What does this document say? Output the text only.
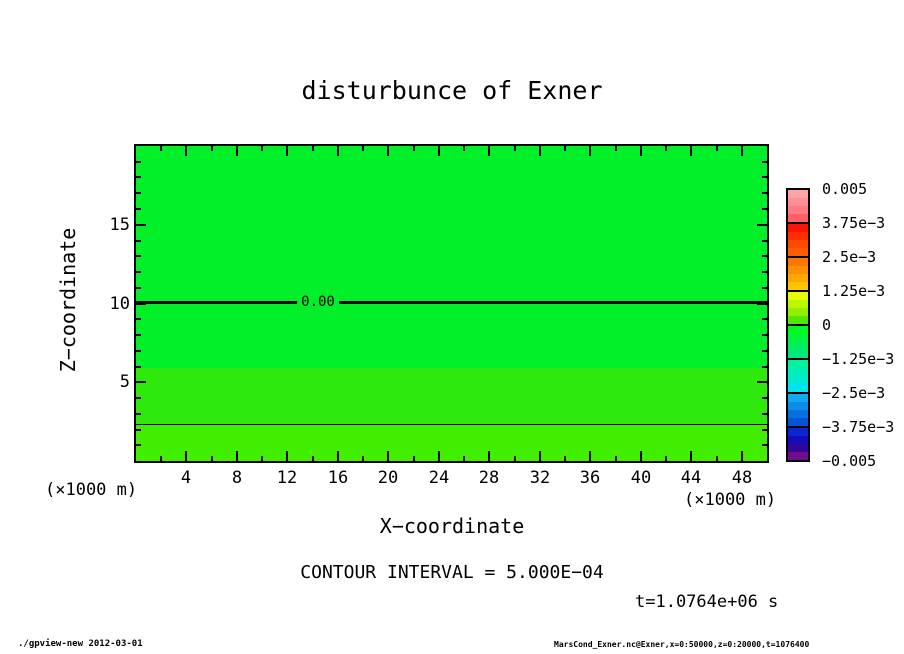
disturbunce of Exner
Z−coordinate	0.00
4	8	12	16	20	24	28	32	36	40	44	48
5
10
15
(×1000 m)	(×1000 m)
X−coordinate
CONTOUR INTERVAL = 5.000E−04
t=1.0764e+06 s
0.005
3.75e−3
2.5e−3
1.25e−3
0
−1.25e−3
−2.5e−3
−3.75e−3
−0.005
./gpview-new 2012-03-01	MarsCond_Exner.nc@Exner,x=0:50000,z=0:20000,t=1076400
